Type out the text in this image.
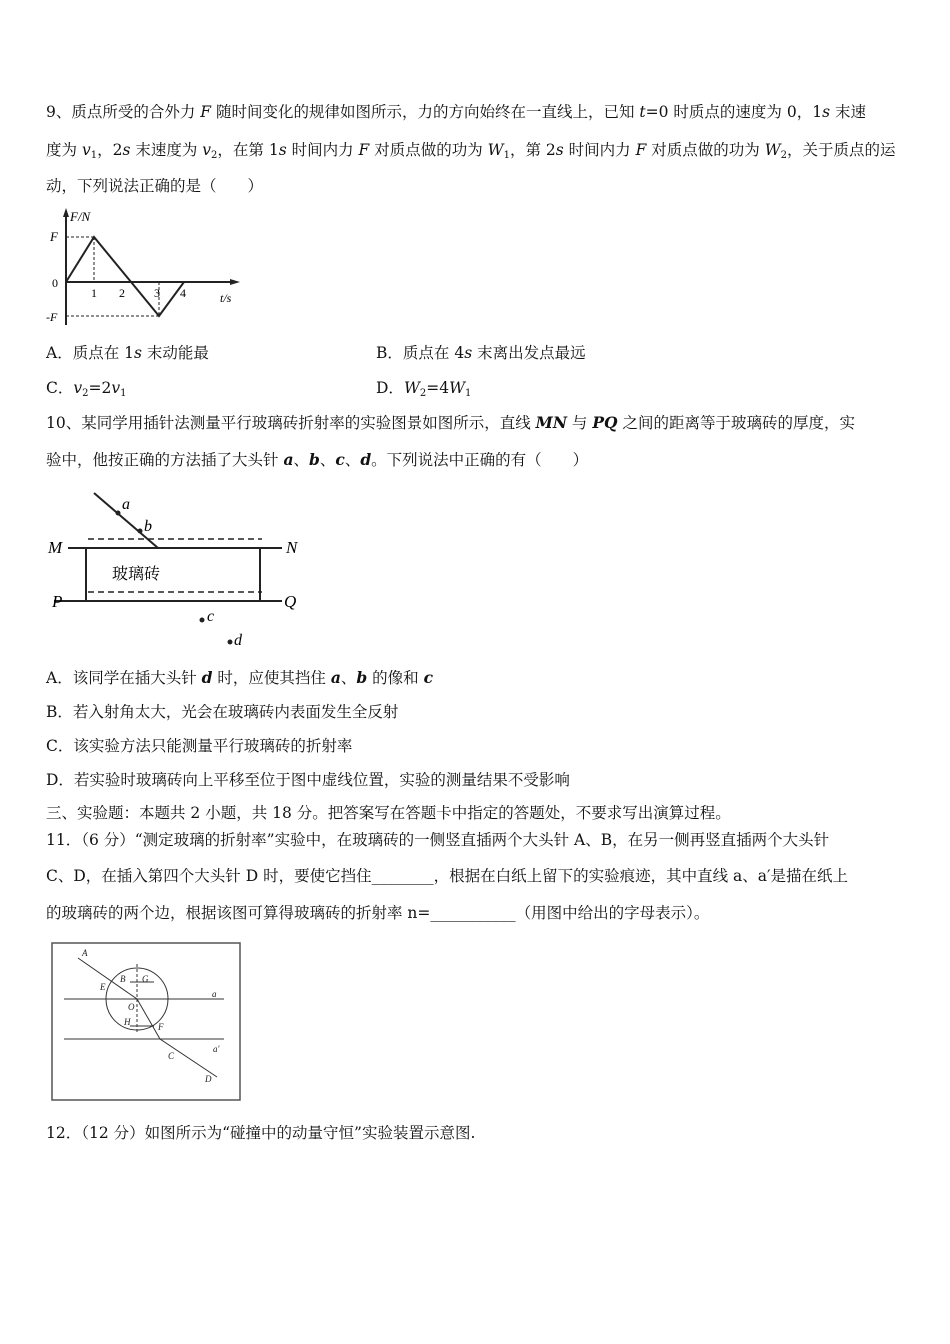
9、质点所受的合外力 F 随时间变化的规律如图所示，力的方向始终在一直线上，已知 t=0 时质点的速度为 0，1s 末速
度为 $v_1$，2s 末速度为 $v_2$，在第 1s 时间内力 F 对质点做的功为 $W_1$，第 2s 时间内力 F 对质点做的功为 $W_2$，关于质点的运
动，下列说法正确的是（　　）
F/N
F
0
-F
1 2 3 4	t/s
A．质点在 1s 末动能最	B．质点在 4s 末离出发点最远
C．$v_2=2v_1$	D．$W_2=4W_1$
10、某同学用插针法测量平行玻璃砖折射率的实验图景如图所示，直线 MN 与 PQ 之间的距离等于玻璃砖的厚度，实
验中，他按正确的方法插了大头针 a、b、c、d。下列说法中正确的有（　　）
a
b
M	N
P	Q
c
d
玻璃砖
A．该同学在插大头针 d 时，应使其挡住 a、b 的像和 c
B．若入射角太大，光会在玻璃砖内表面发生全反射
C．该实验方法只能测量平行玻璃砖的折射率
D．若实验时玻璃砖向上平移至位于图中虚线位置，实验的测量结果不受影响
三、实验题：本题共 2 小题，共 18 分。把答案写在答题卡中指定的答题处，不要求写出演算过程。
11．（6 分）“测定玻璃的折射率”实验中，在玻璃砖的一侧竖直插两个大头针 A、B，在另一侧再竖直插两个大头针
C、D，在插入第四个大头针 D 时，要使它挡住________，根据在白纸上留下的实验痕迹，其中直线 a、a′是描在纸上
的玻璃砖的两个边，根据该图可算得玻璃砖的折射率 n=___________（用图中给出的字母表示）。
A
B G
E
O
H	F
C
D
a
a′
12．（12 分）如图所示为“碰撞中的动量守恒”实验装置示意图.
